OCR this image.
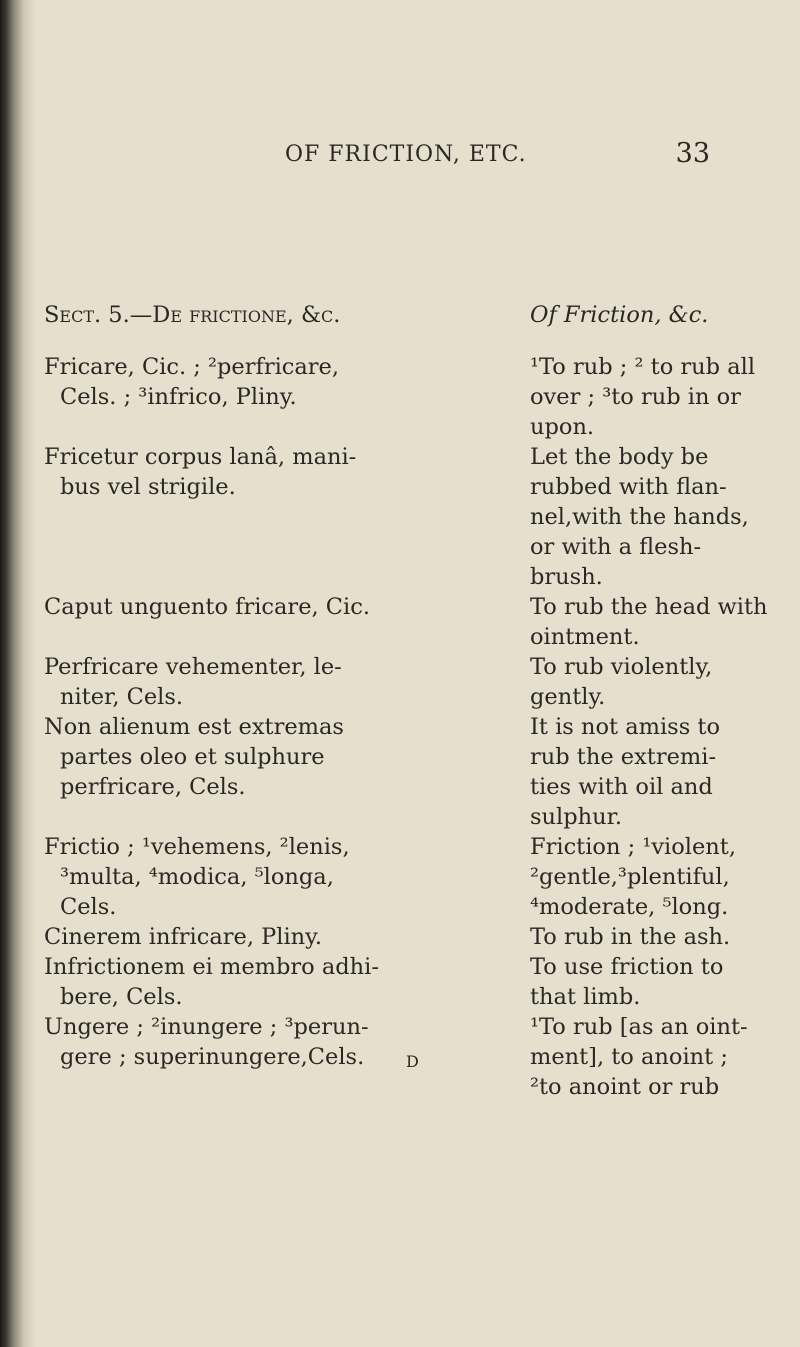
OF FRICTION, ETC.	33
Sect. 5.—De frictione, &c.

Fricare, Cic. ; ²perfricare,
Cels. ; ³infrico, Pliny.

Fricetur corpus lanâ, mani-
bus vel strigile.

Caput unguento fricare, Cic.

Perfricare vehementer, le-
niter, Cels.

Non alienum est extremas
partes oleo et sulphure
perfricare, Cels.

Frictio ; ¹vehemens, ²lenis,
³multa, ⁴modica, ⁵longa,
Cels.

Cinerem infricare, Pliny.

Infrictionem ei membro adhi-
bere, Cels.

Ungere ; ²inungere ; ³perun-
gere ; superinungere,Cels.

Of Friction, &c.

¹To rub ; ² to rub all
over ; ³to rub in or
upon.

Let the body be
rubbed with flan-
nel,with the hands,
or with a flesh-
brush.

To rub the head with
ointment.

To rub violently,
gently.

It is not amiss to
rub the extremi-
ties with oil and
sulphur.

Friction ; ¹violent,
²gentle,³plentiful,
⁴moderate, ⁵long.

To rub in the ash.

To use friction to
that limb.

¹To rub [as an oint-
ment], to anoint ;
²to anoint or rub

D
